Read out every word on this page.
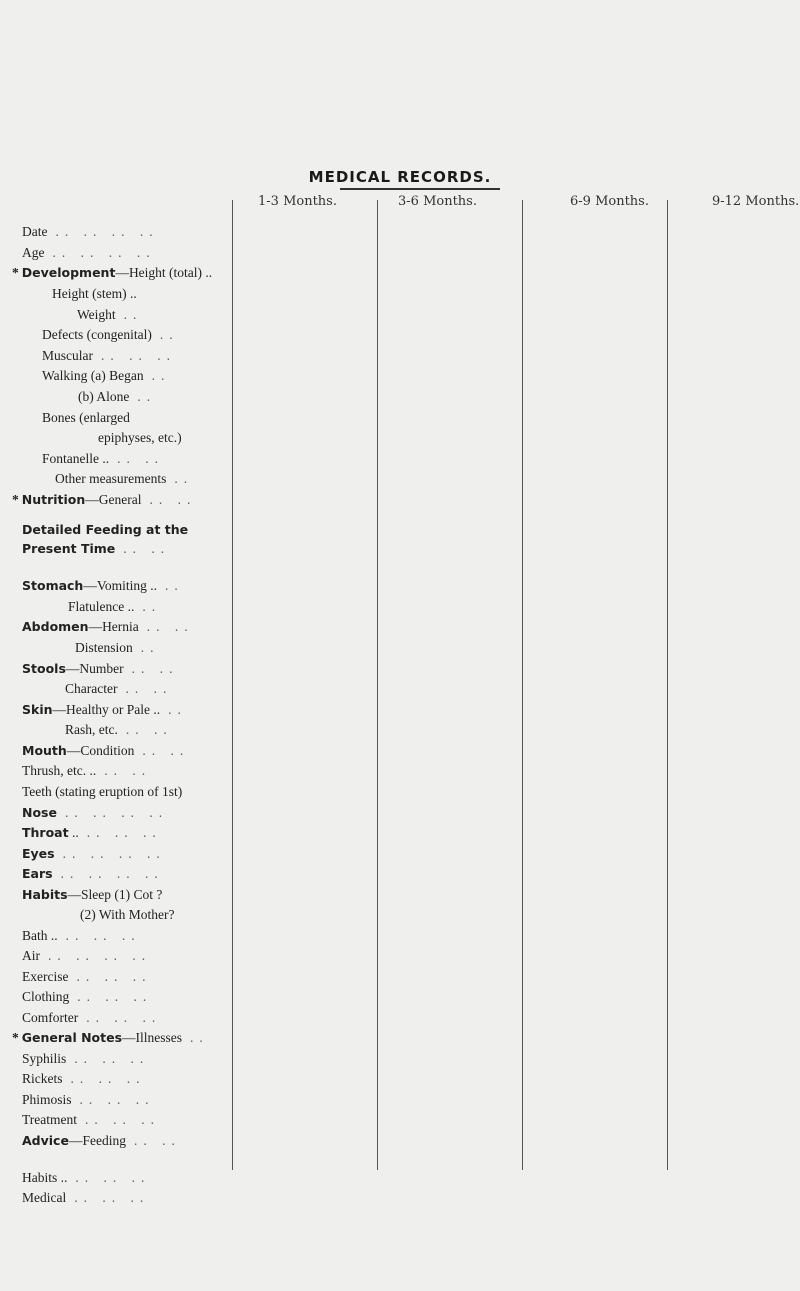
MEDICAL RECORDS.
1-3 Months.	3-6 Months.	6-9 Months.	9-12 Months.
Date .. .. .. ..
Age .. .. .. ..
* Development—Height (total) ..
Height (stem) ..
Weight ..
Defects (congenital) ..
Muscular .. .. ..
Walking (a) Began ..
(b) Alone ..
Bones (enlarged
epiphyses, etc.)
Fontanelle .. .. ..
Other measurements ..
* Nutrition—General .. ..
Detailed Feeding at the
Present Time .. ..
Stomach—Vomiting .. ..
Flatulence .. ..
Abdomen—Hernia .. ..
Distension ..
Stools—Number .. ..
Character .. ..
Skin—Healthy or Pale .. ..
Rash, etc. .. ..
Mouth—Condition .. ..
Thrush, etc. .. .. ..
Teeth (stating eruption of 1st)
Nose .. .. .. ..
Throat .. .. .. ..
Eyes .. .. .. ..
Ears .. .. .. ..
Habits—Sleep (1) Cot ?
(2) With Mother?
Bath .. .. .. ..
Air .. .. .. ..
Exercise .. .. ..
Clothing .. .. ..
Comforter .. .. ..
* General Notes—Illnesses ..
Syphilis .. .. ..
Rickets .. .. ..
Phimosis .. .. ..
Treatment .. .. ..
Advice—Feeding .. ..
Habits .. .. .. ..
Medical .. .. ..
